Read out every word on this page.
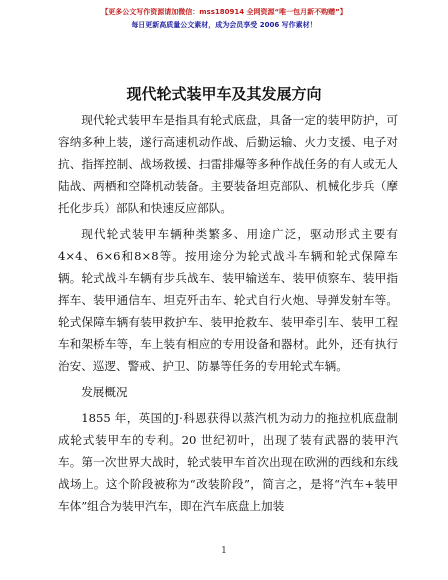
【更多公文写作资源请加微信：mss180914 全网资源“唯一包月新不购赠”】
每日更新高质量公文素材，成为会员享受 2006 写作素材！
现代轮式装甲车及其发展方向

现代轮式装甲车是指具有轮式底盘，具备一定的装甲防护，可容纳多种上装，遂行高速机动作战、后勤运输、火力支援、电子对抗、指挥控制、战场救援、扫雷排爆等多种作战任务的有人或无人陆战、两栖和空降机动装备。主要装备坦克部队、机械化步兵（摩托化步兵）部队和快速反应部队。

现代轮式装甲车辆种类繁多、用途广泛，驱动形式主要有4×4、6×6和8×8等。按用途分为轮式战斗车辆和轮式保障车辆。轮式战斗车辆有步兵战车、装甲输送车、装甲侦察车、装甲指挥车、装甲通信车、坦克歼击车、轮式自行火炮、导弹发射车等。轮式保障车辆有装甲救护车、装甲抢救车、装甲牵引车、装甲工程车和架桥车等，车上装有相应的专用设备和器材。此外，还有执行治安、巡逻、警戒、护卫、防暴等任务的专用轮式车辆。

发展概况

1855 年，英国的J·科恩获得以蒸汽机为动力的拖拉机底盘制成轮式装甲车的专利。20 世纪初叶，出现了装有武器的装甲汽车。第一次世界大战时，轮式装甲车首次出现在欧洲的西线和东线战场上。这个阶段被称为“改装阶段”，简言之，是将“汽车+装甲车体”组合为装甲汽车，即在汽车底盘上加装

1
